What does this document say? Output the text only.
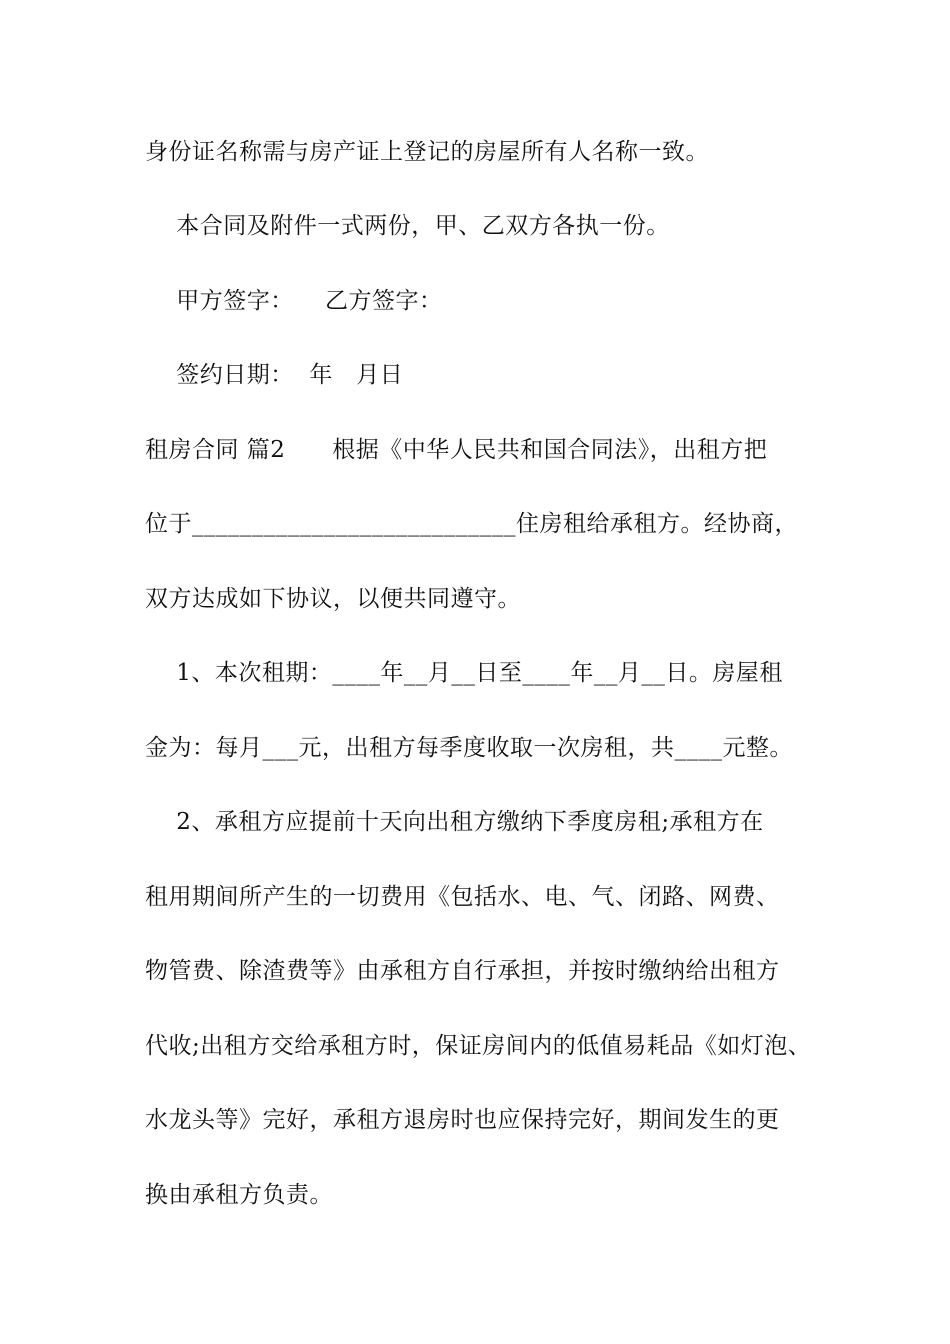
身份证名称需与房产证上登记的房屋所有人名称一致。
本合同及附件一式两份，甲、乙双方各执一份。
甲方签字：    乙方签字：
签约日期：  年   月日
租房合同 篇2      根据《中华人民共和国合同法》，出租方把
位于___________________________住房租给承租方。经协商，
双方达成如下协议，以便共同遵守。
1、本次租期：____年__月__日至____年__月__日。房屋租
金为：每月___元，出租方每季度收取一次房租，共____元整。
2、承租方应提前十天向出租方缴纳下季度房租;承租方在
租用期间所产生的一切费用《包括水、电、气、闭路、网费、
物管费、除渣费等》由承租方自行承担，并按时缴纳给出租方
代收;出租方交给承租方时，保证房间内的低值易耗品《如灯泡、
水龙头等》完好，承租方退房时也应保持完好，期间发生的更
换由承租方负责。
